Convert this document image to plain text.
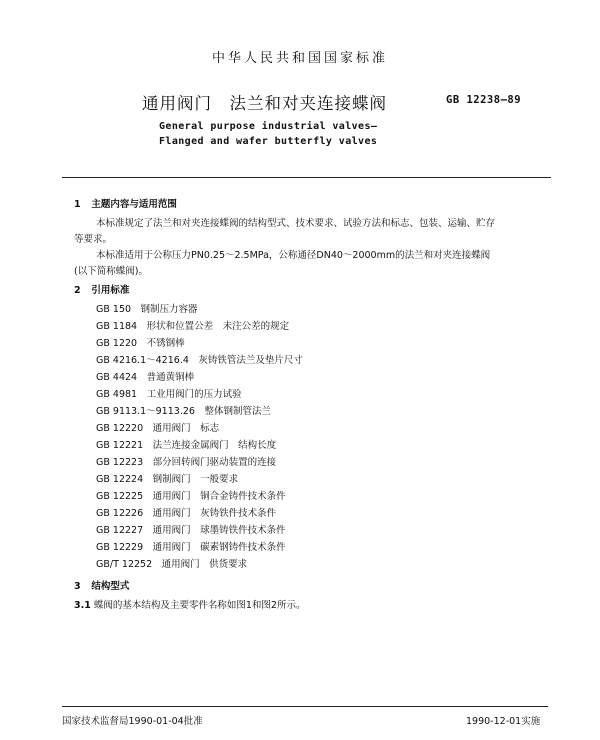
中华人民共和国国家标准
通用阀门　法兰和对夹连接蝶阀	GB 12238—89
General purpose industrial valves—
Flanged and wafer butterfly valves
1 主题内容与适用范围
本标准规定了法兰和对夹连接蝶阀的结构型式、技术要求、试验方法和标志、包装、运输、贮存
等要求。
本标准适用于公称压力PN0.25～2.5MPa，公称通径DN40～2000mm的法兰和对夹连接蝶阀
(以下简称蝶阀)。
2 引用标准
GB 150　 钢制压力容器
GB 1184　 形状和位置公差　未注公差的规定
GB 1220　 不锈钢棒
GB 4216.1～4216.4　 灰铸铁管法兰及垫片尺寸
GB 4424　 普通黄铜棒
GB 4981　 工业用阀门的压力试验
GB 9113.1～9113.26　 整体钢制管法兰
GB 12220　 通用阀门　标志
GB 12221　 法兰连接金属阀门　结构长度
GB 12223　 部分回转阀门驱动装置的连接
GB 12224　 钢制阀门　一般要求
GB 12225　 通用阀门　铜合金铸件技术条件
GB 12226　 通用阀门　灰铸铁件技术条件
GB 12227　 通用阀门　球墨铸铁件技术条件
GB 12229　 通用阀门　碳素钢铸件技术条件
GB/T 12252　 通用阀门　供货要求
3 结构型式
3.1 蝶阀的基本结构及主要零件名称如图1和图2所示。
国家技术监督局1990-01-04批准	1990-12-01实施
